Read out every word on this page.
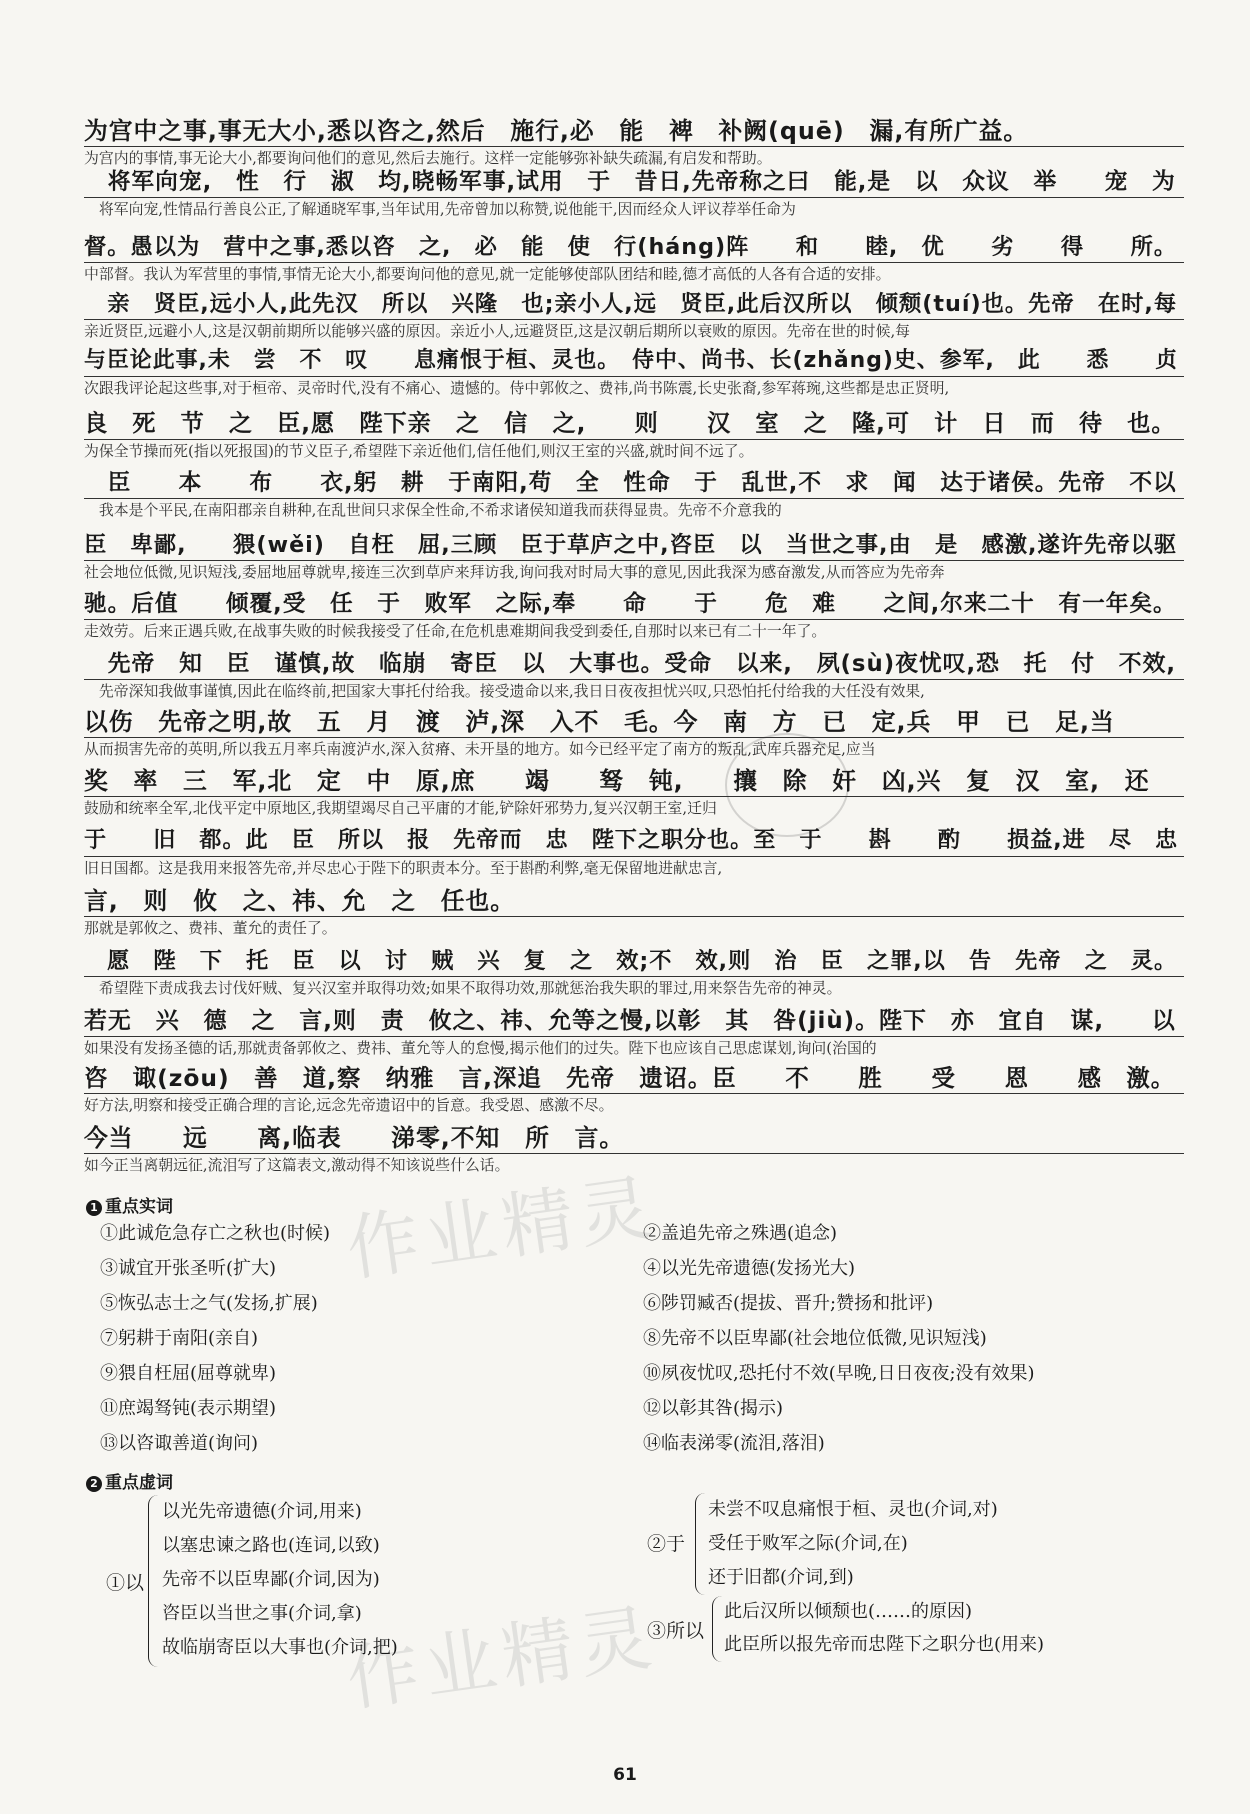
作业精灵
作业精灵
为宫中之事,事无大小,悉以咨之,然后　施行,必　能　裨　补阙(quē)　漏,有所广益。
为宫内的事情,事无论大小,都要询问他们的意见,然后去施行。这样一定能够弥补缺失疏漏,有启发和帮助。
　将军向宠,　性　行　淑　均,晓畅军事,试用　于　昔日,先帝称之曰　能,是　以　众议　举　　宠　为
　将军向宠,性情品行善良公正,了解通晓军事,当年试用,先帝曾加以称赞,说他能干,因而经众人评议荐举任命为
督。愚以为　营中之事,悉以咨　之,　必　能　使　行(háng)阵　　和　　睦,　优　　劣　　得　　所。
中部督。我认为军营里的事情,事情无论大小,都要询问他的意见,就一定能够使部队团结和睦,德才高低的人各有合适的安排。
　亲　贤臣,远小人,此先汉　所以　兴隆　也;亲小人,远　贤臣,此后汉所以　倾颓(tuí)也。先帝　在时,每
亲近贤臣,远避小人,这是汉朝前期所以能够兴盛的原因。亲近小人,远避贤臣,这是汉朝后期所以衰败的原因。先帝在世的时候,每
与臣论此事,未　尝　不　叹　　息痛恨于桓、灵也。　侍中、尚书、长(zhǎng)史、参军,　此　　悉　　贞
次跟我评论起这些事,对于桓帝、灵帝时代,没有不痛心、遗憾的。侍中郭攸之、费祎,尚书陈震,长史张裔,参军蒋琬,这些都是忠正贤明,
良　死　节　之　臣,愿　陛下亲　之　信　之,　　则　　汉　室　之　隆,可　计　日　而　待　也。
为保全节操而死(指以死报国)的节义臣子,希望陛下亲近他们,信任他们,则汉王室的兴盛,就时间不远了。
　臣　　本　　布　　衣,躬　耕　于南阳,苟　全　性命　于　乱世,不　求　闻　达于诸侯。先帝　不以
　我本是个平民,在南阳郡亲自耕种,在乱世间只求保全性命,不希求诸侯知道我而获得显贵。先帝不介意我的
臣　卑鄙,　　猥(wěi)　自枉　屈,三顾　臣于草庐之中,咨臣　以　当世之事,由　是　感激,遂许先帝以驱
社会地位低微,见识短浅,委屈地屈尊就卑,接连三次到草庐来拜访我,询问我对时局大事的意见,因此我深为感奋激发,从而答应为先帝奔
驰。后值　　倾覆,受　任　于　败军　之际,奉　　命　　于　　危　难　　之间,尔来二十　有一年矣。
走效劳。后来正遇兵败,在战事失败的时候我接受了任命,在危机患难期间我受到委任,自那时以来已有二十一年了。
　先帝　知　臣　谨慎,故　临崩　寄臣　以　大事也。受命　以来,　夙(sù)夜忧叹,恐　托　付　不效,
　先帝深知我做事谨慎,因此在临终前,把国家大事托付给我。接受遗命以来,我日日夜夜担忧兴叹,只恐怕托付给我的大任没有效果,
以伤　先帝之明,故　五　月　渡　泸,深　入不　毛。今　南　方　已　定,兵　甲　已　足,当
从而损害先帝的英明,所以我五月率兵南渡泸水,深入贫瘠、未开垦的地方。如今已经平定了南方的叛乱,武库兵器充足,应当
奖　率　三　军,北　定　中　原,庶　　竭　　驽　钝,　　攘　除　奸　凶,兴　复　汉　室,　还
鼓励和统率全军,北伐平定中原地区,我期望竭尽自己平庸的才能,铲除奸邪势力,复兴汉朝王室,迁归
于　　旧　都。此　臣　所以　报　先帝而　忠　陛下之职分也。至　于　　斟　　酌　　损益,进　尽　忠
旧日国都。这是我用来报答先帝,并尽忠心于陛下的职责本分。至于斟酌利弊,毫无保留地进献忠言,
言,　则　攸　之、祎、允　之　任也。
那就是郭攸之、费祎、董允的责任了。
　愿　陛　下　托　臣　以　讨　贼　兴　复　之　效;不　效,则　治　臣　之罪,以　告　先帝　之　灵。
　希望陛下责成我去讨伐奸贼、复兴汉室并取得功效;如果不取得功效,那就惩治我失职的罪过,用来祭告先帝的神灵。
若无　兴　德　之　言,则　责　攸之、祎、允等之慢,以彰　其　咎(jiù)。陛下　亦　宜自　谋,　　以
如果没有发扬圣德的话,那就责备郭攸之、费祎、董允等人的怠慢,揭示他们的过失。陛下也应该自己思虑谋划,询问(治国的
咨　诹(zōu)　善　道,察　纳雅　言,深追　先帝　遗诏。臣　　不　　胜　　受　　恩　　感　激。
好方法,明察和接受正确合理的言论,远念先帝遗诏中的旨意。我受恩、感激不尽。
今当　　远　　离,临表　　涕零,不知　所　言。
如今正当离朝远征,流泪写了这篇表文,激动得不知该说些什么话。
1 重点实词
①此诚危急存亡之秋也(时候)	②盖追先帝之殊遇(追念)
③诚宜开张圣听(扩大)	④以光先帝遗德(发扬光大)
⑤恢弘志士之气(发扬,扩展)	⑥陟罚臧否(提拔、晋升;赞扬和批评)
⑦躬耕于南阳(亲自)	⑧先帝不以臣卑鄙(社会地位低微,见识短浅)
⑨猥自枉屈(屈尊就卑)	⑩夙夜忧叹,恐托付不效(早晚,日日夜夜;没有效果)
⑪庶竭驽钝(表示期望)	⑫以彰其咎(揭示)
⑬以咨诹善道(询问)	⑭临表涕零(流泪,落泪)
2 重点虚词
①以
以光先帝遗德(介词,用来)
以塞忠谏之路也(连词,以致)
先帝不以臣卑鄙(介词,因为)
咨臣以当世之事(介词,拿)
故临崩寄臣以大事也(介词,把)
②于
未尝不叹息痛恨于桓、灵也(介词,对)
受任于败军之际(介词,在)
还于旧都(介词,到)
③所以
此后汉所以倾颓也(……的原因)
此臣所以报先帝而忠陛下之职分也(用来)
61
